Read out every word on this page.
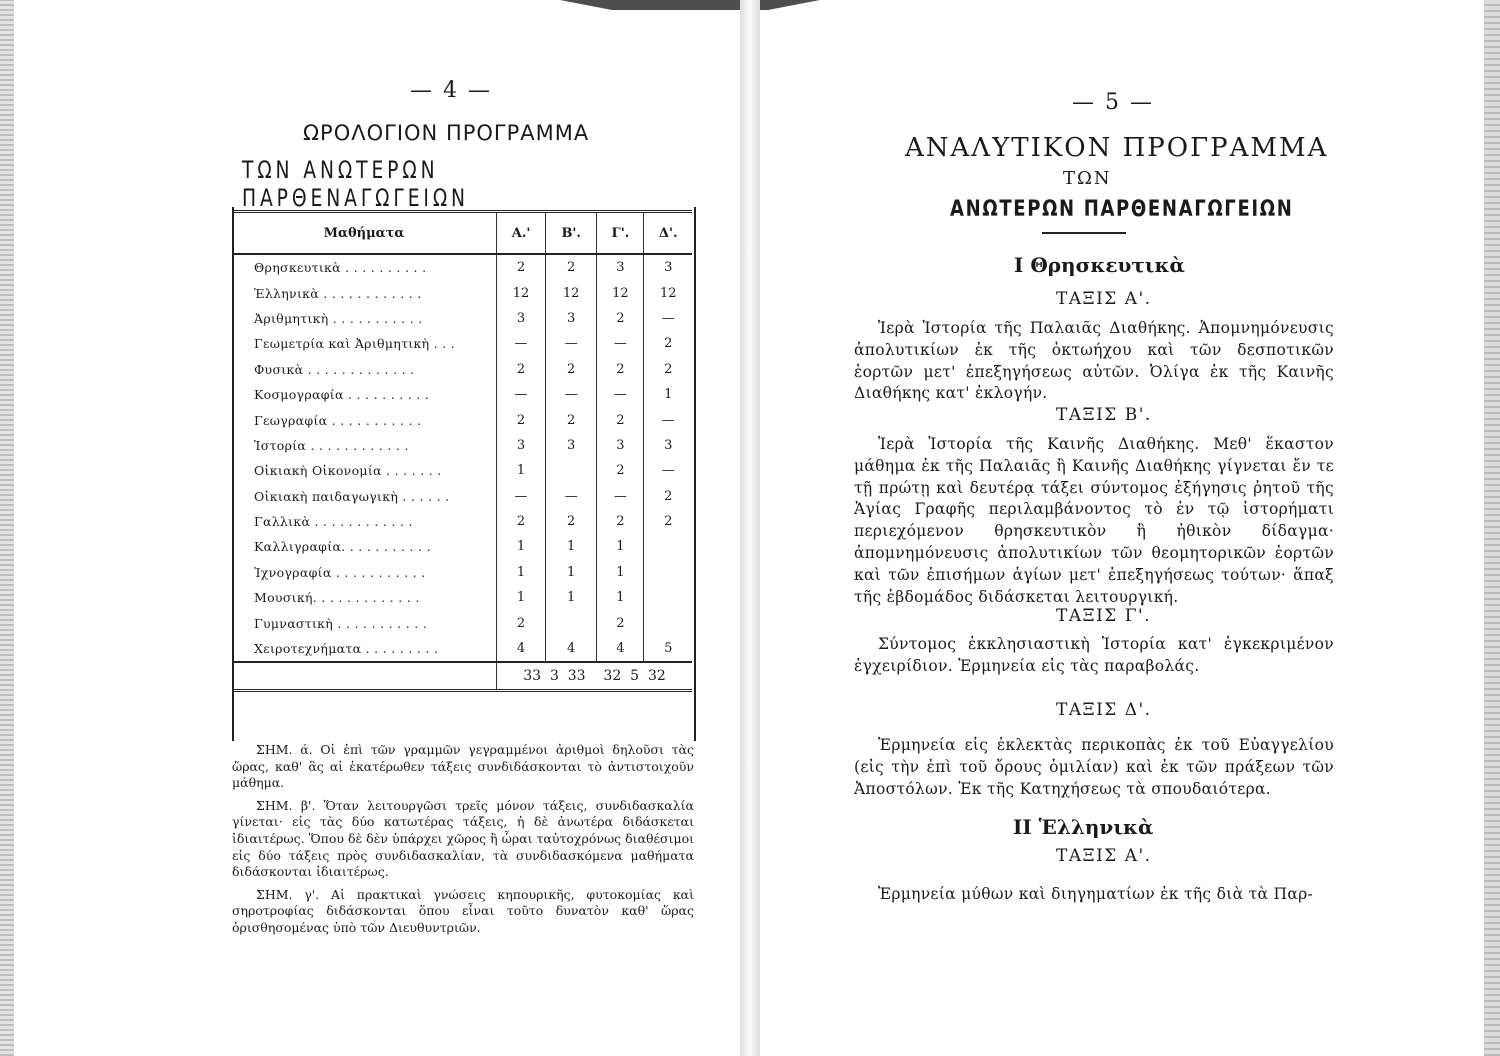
— 4 —
ΩΡΟΛΟΓΙΟΝ ΠΡΟΓΡΑΜΜΑ
ΤΩΝ ΑΝΩΤΕΡΩΝ ΠΑΡΘΕΝΑΓΩΓΕΙΩΝ
Μαθήματα	Α.'	Β'.	Γ'.	Δ'.
Θρησκευτικὰ . . . . . . . . . .	2	2	3	3
Ἑλληνικὰ . . . . . . . . . . . .	12	12	12	12
Ἀριθμητικὴ . . . . . . . . . . .	3	3	2	—
Γεωμετρία καὶ Ἀριθμητικὴ . . .	—	—	—	2
Φυσικὰ . . . . . . . . . . . . .	2	2	2	2
Κοσμογραφία . . . . . . . . . .	—	—	—	1
Γεωγραφία . . . . . . . . . . .	2	2	2	—
Ἱστορία . . . . . . . . . . . .	3	3	3	3
Οἰκιακὴ Οἰκονομία . . . . . . .	1		2	—
Οἰκιακὴ παιδαγωγικὴ . . . . . .	—	—	—	2
Γαλλικὰ . . . . . . . . . . . .	2	2	2	2
Καλλιγραφία. . . . . . . . . . .	1	1	1	
Ἰχνογραφία . . . . . . . . . . .	1	1	1	
Μουσική. . . . . . . . . . . . .	1	1	1	
Γυμναστικὴ . . . . . . . . . . .	2		2	
Χειροτεχνήματα . . . . . . . . .	4	4	4	5
	33 3 33 32 5 32			

ΣΗΜ. ά. Οἱ ἐπὶ τῶν γραμμῶν γεγραμμένοι ἀριθμοὶ δηλοῦσι τὰς ὥρας, καθ' ἃς αἱ ἑκατέρωθεν τάξεις συνδιδάσκονται τὸ ἀντιστοιχοῦν μάθημα.

ΣΗΜ. β'. Ὅταν λειτουργῶσι τρεῖς μόνον τάξεις, συνδιδασκαλία γίνεται· εἰς τὰς δύο κατωτέρας τάξεις, ἡ δὲ ἀνωτέρα διδάσκεται ἰδιαιτέρως. Ὅπου δὲ δὲν ὑπάρχει χῶρος ἢ ὧραι ταὐτοχρόνως διαθέσιμοι εἰς δύο τάξεις πρὸς συνδιδασκαλίαν, τὰ συνδιδασκόμενα μαθήματα διδάσκονται ἰδιαιτέρως.

ΣΗΜ. γ'. Αἱ πρακτικαὶ γνώσεις κηπουρικῆς, φυτοκομίας καὶ σηροτροφίας διδάσκονται ὅπου εἶναι τοῦτο δυνατὸν καθ' ὥρας ὁρισθησομένας ὑπὸ τῶν Διευθυντριῶν.

— 5 —
ΑΝΑΛΥΤΙΚΟΝ ΠΡΟΓΡΑΜΜΑ
ΤΩΝ
ΑΝΩΤΕΡΩΝ ΠΑΡΘΕΝΑΓΩΓΕΙΩΝ
I Θρησκευτικὰ
ΤΑΞΙΣ Α'.
Ἱερὰ Ἱστορία τῆς Παλαιᾶς Διαθήκης. Ἀπομνημόνευσις ἀπολυτικίων ἐκ τῆς ὀκτωήχου καὶ τῶν δεσποτικῶν ἑορτῶν μετ' ἐπεξηγήσεως αὐτῶν. Ὀλίγα ἐκ τῆς Καινῆς Διαθήκης κατ' ἐκλογήν.
ΤΑΞΙΣ Β'.
Ἱερὰ Ἱστορία τῆς Καινῆς Διαθήκης. Μεθ' ἕκαστον μάθημα ἐκ τῆς Παλαιᾶς ἢ Καινῆς Διαθήκης γίγνεται ἔν τε τῇ πρώτῃ καὶ δευτέρᾳ τάξει σύντομος ἐξήγησις ῥητοῦ τῆς Ἁγίας Γραφῆς περιλαμβάνοντος τὸ ἐν τῷ ἱστορήματι περιεχόμενον θρησκευτικὸν ἢ ἠθικὸν δίδαγμα· ἀπομνημόνευσις ἀπολυτικίων τῶν θεομητορικῶν ἑορτῶν καὶ τῶν ἐπισήμων ἁγίων μετ' ἐπεξηγήσεως τούτων· ἅπαξ τῆς ἑβδομάδος διδάσκεται λειτουργική.
ΤΑΞΙΣ Γ'.
Σύντομος ἐκκλησιαστικὴ Ἱστορία κατ' ἐγκεκριμένον ἐγχειρίδιον. Ἑρμηνεία εἰς τὰς παραβολάς.
ΤΑΞΙΣ Δ'.
Ἑρμηνεία εἰς ἐκλεκτὰς περικοπὰς ἐκ τοῦ Εὐαγγελίου (εἰς τὴν ἐπὶ τοῦ ὄρους ὁμιλίαν) καὶ ἐκ τῶν πράξεων τῶν Ἀποστόλων. Ἐκ τῆς Κατηχήσεως τὰ σπουδαιότερα.
II Ἑλληνικὰ
ΤΑΞΙΣ Α'.
Ἑρμηνεία μύθων καὶ διηγηματίων ἐκ τῆς διὰ τὰ Παρ-
